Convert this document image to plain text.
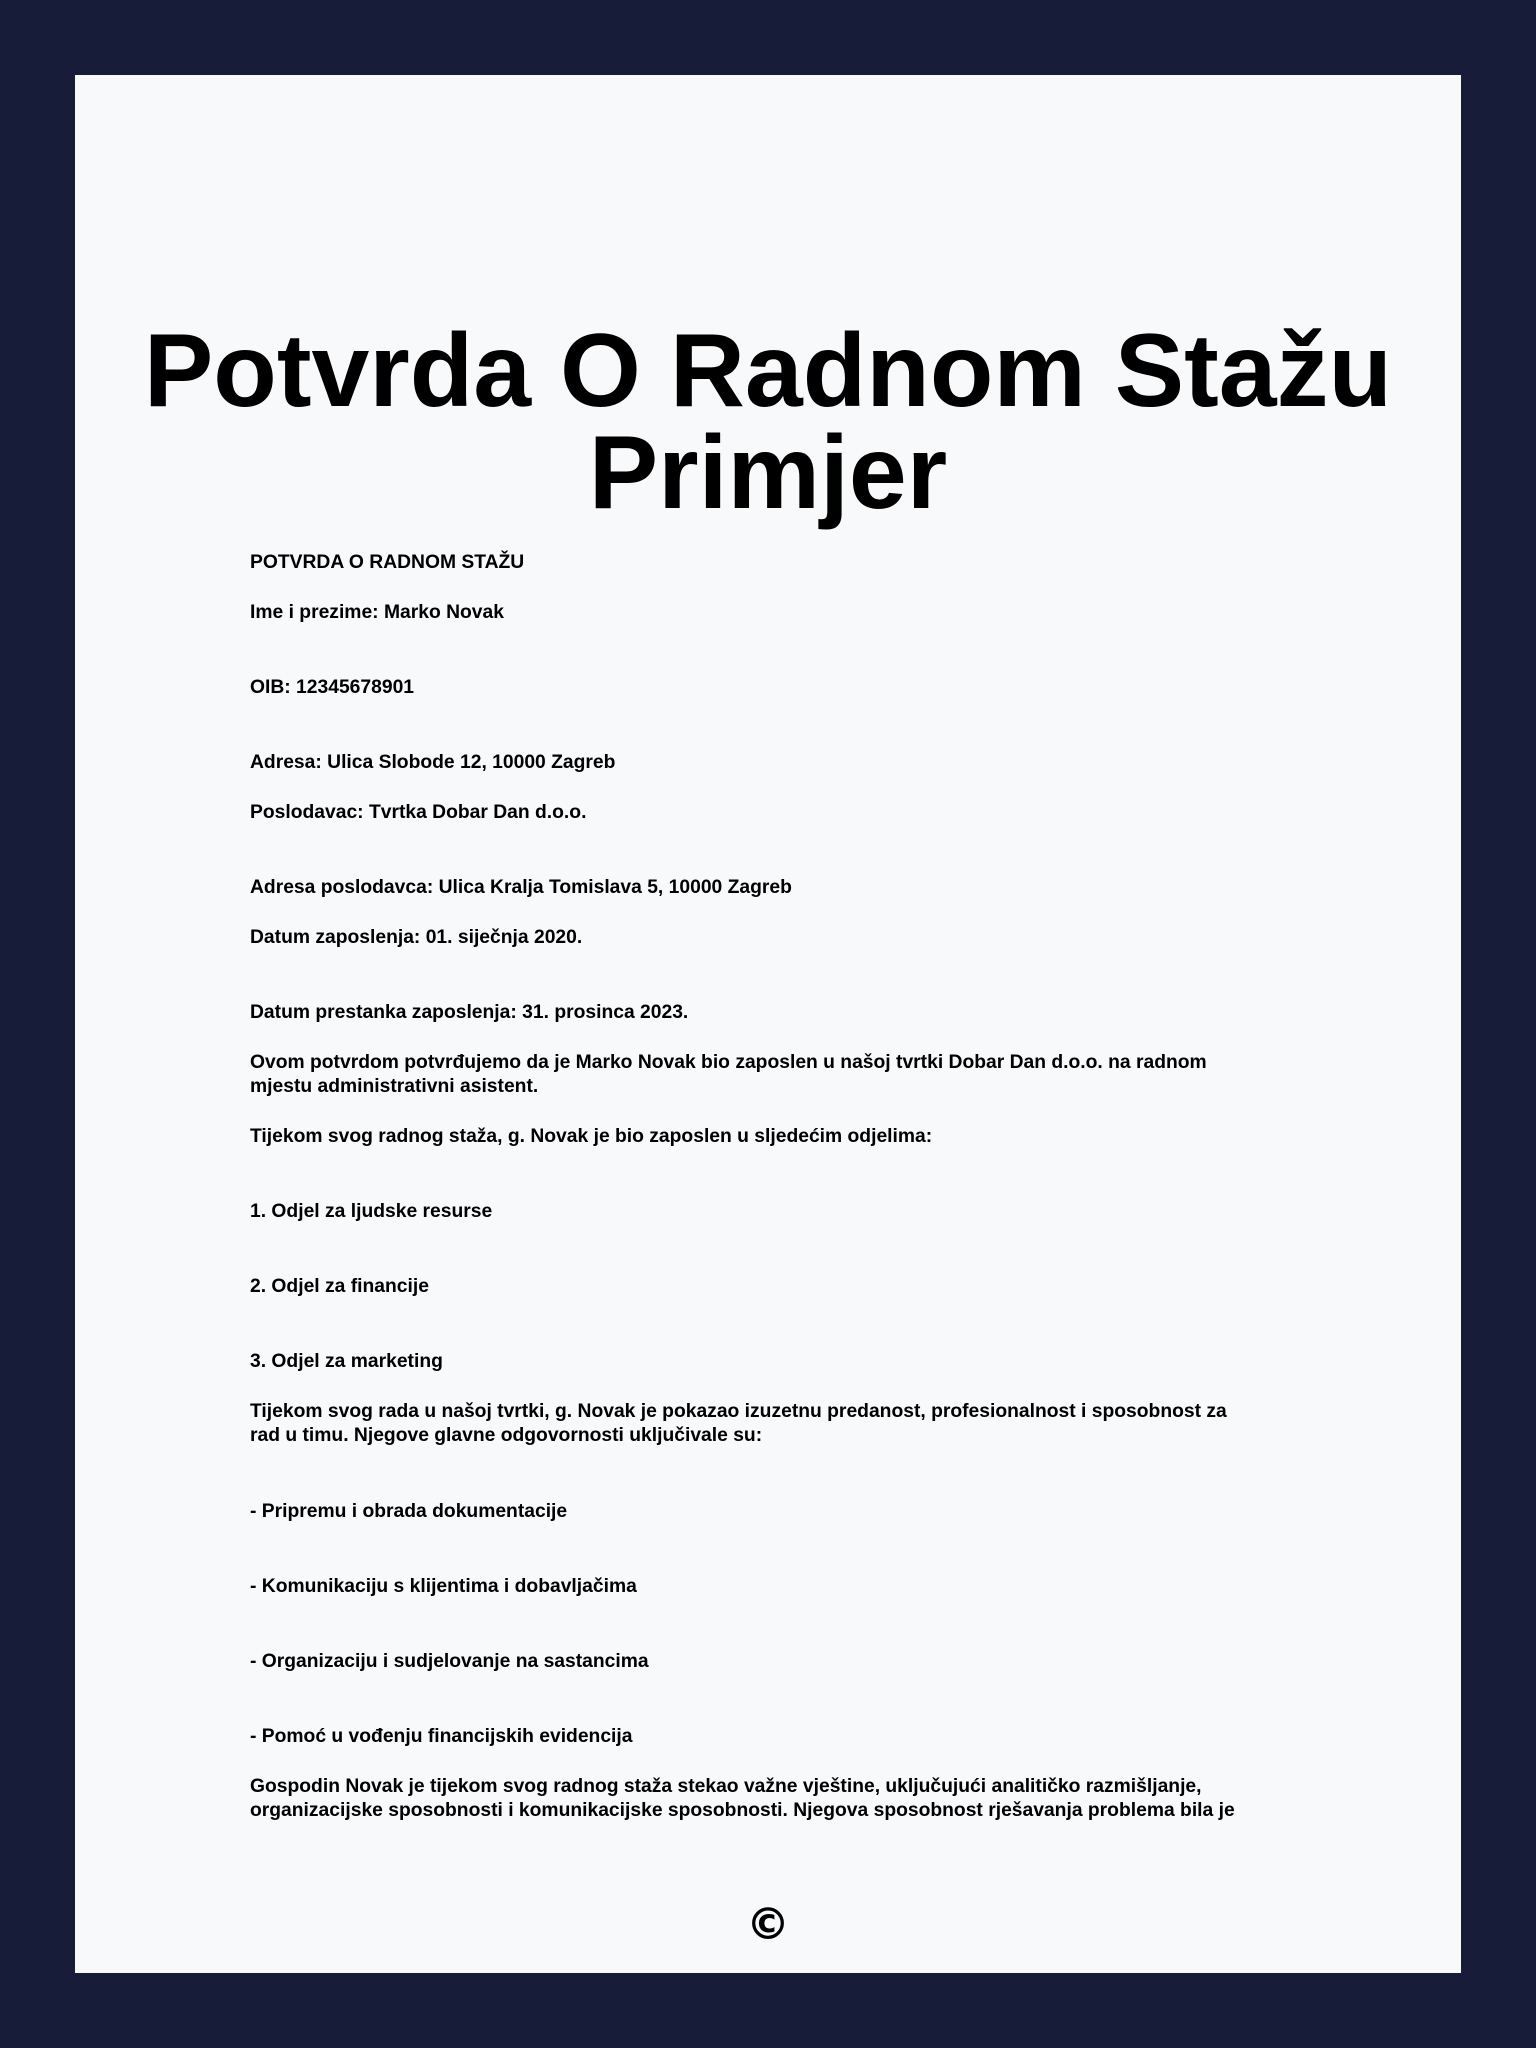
Potvrda O Radnom Stažu
Primjer

POTVRDA O RADNOM STAŽU

Ime i prezime: Marko Novak

OIB: 12345678901

Adresa: Ulica Slobode 12, 10000 Zagreb

Poslodavac: Tvrtka Dobar Dan d.o.o.

Adresa poslodavca: Ulica Kralja Tomislava 5, 10000 Zagreb

Datum zaposlenja: 01. siječnja 2020.

Datum prestanka zaposlenja: 31. prosinca 2023.

Ovom potvrdom potvrđujemo da je Marko Novak bio zaposlen u našoj tvrtki Dobar Dan d.o.o. na radnom

mjestu administrativni asistent.

Tijekom svog radnog staža, g. Novak je bio zaposlen u sljedećim odjelima:

1. Odjel za ljudske resurse

2. Odjel za financije

3. Odjel za marketing

Tijekom svog rada u našoj tvrtki, g. Novak je pokazao izuzetnu predanost, profesionalnost i sposobnost za

rad u timu. Njegove glavne odgovornosti uključivale su:

- Pripremu i obrada dokumentacije

- Komunikaciju s klijentima i dobavljačima

- Organizaciju i sudjelovanje na sastancima

- Pomoć u vođenju financijskih evidencija

Gospodin Novak je tijekom svog radnog staža stekao važne vještine, uključujući analitičko razmišljanje,

organizacijske sposobnosti i komunikacijske sposobnosti. Njegova sposobnost rješavanja problema bila je

©
